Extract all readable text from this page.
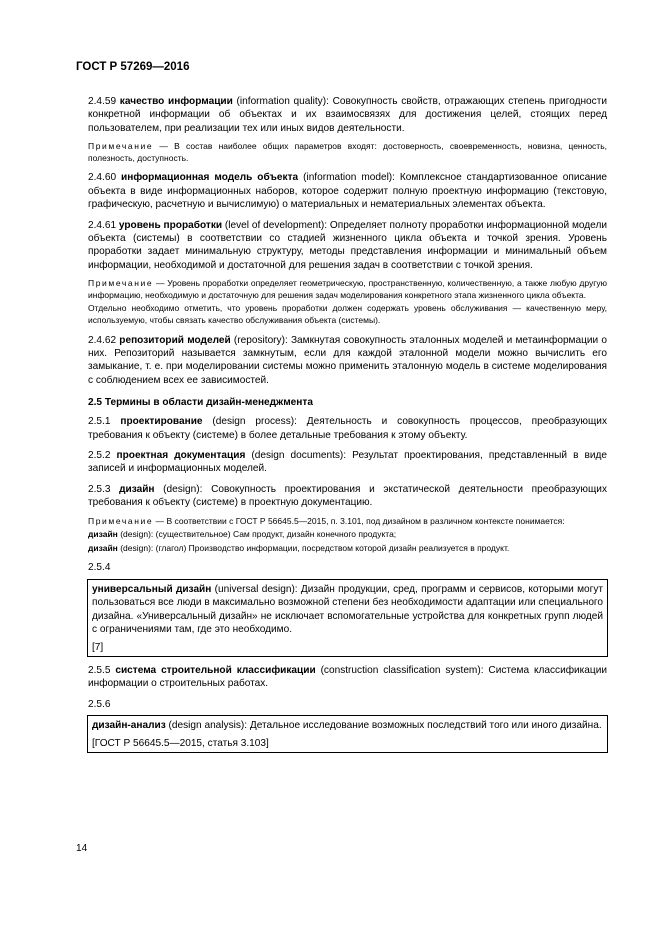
ГОСТ Р 57269—2016

2.4.59 качество информации (information quality): Совокупность свойств, отражающих степень пригодности конкретной информации об объектах и их взаимосвязях для достижения целей, стоящих перед пользователем, при реализации тех или иных видов деятельности.

Примечание — В состав наиболее общих параметров входят: достоверность, своевременность, новизна, ценность, полезность, доступность.

2.4.60 информационная модель объекта (information model): Комплексное стандартизованное описание объекта в виде информационных наборов, которое содержит полную проектную информацию (текстовую, графическую, расчетную и вычислимую) о материальных и нематериальных элементах объекта.

2.4.61 уровень проработки (level of development): Определяет полноту проработки информационной модели объекта (системы) в соответствии со стадией жизненного цикла объекта и точкой зрения. Уровень проработки задает минимальную структуру, методы представления информации и минимальный объем информации, необходимой и достаточной для решения задач в соответствии с точкой зрения.

Примечание — Уровень проработки определяет геометрическую, пространственную, количественную, а также любую другую информацию, необходимую и достаточную для решения задач моделирования конкретного этапа жизненного цикла объекта.

Отдельно необходимо отметить, что уровень проработки должен содержать уровень обслуживания — качественную меру, используемую, чтобы связать качество обслуживания объекта (системы).

2.4.62 репозиторий моделей (repository): Замкнутая совокупность эталонных моделей и метаинформации о них. Репозиторий называется замкнутым, если для каждой эталонной модели можно вычислить его замыкание, т. е. при моделировании системы можно применить эталонную модель в системе моделирования с соблюдением всех ее зависимостей.

2.5 Термины в области дизайн-менеджмента

2.5.1 проектирование (design process): Деятельность и совокупность процессов, преобразующих требования к объекту (системе) в более детальные требования к этому объекту.

2.5.2 проектная документация (design documents): Результат проектирования, представленный в виде записей и информационных моделей.

2.5.3 дизайн (design): Совокупность проектирования и экстатической деятельности преобразующих требования к объекту (системе) в проектную документацию.

Примечание — В соответствии с ГОСТ Р 56645.5—2015, п. 3.101, под дизайном в различном контексте понимается:

дизайн (design): (существительное) Сам продукт, дизайн конечного продукта;

дизайн (design): (глагол) Производство информации, посредством которой дизайн реализуется в продукт.

2.5.4

универсальный дизайн (universal design): Дизайн продукции, сред, программ и сервисов, которыми могут пользоваться все люди в максимально возможной степени без необходимости адаптации или специального дизайна. «Универсальный дизайн» не исключает вспомогательные устройства для конкретных групп людей с ограничениями там, где это необходимо.

[7]

2.5.5 система строительной классификации (construction classification system): Система классификации информации о строительных работах.

2.5.6

дизайн-анализ (design analysis): Детальное исследование возможных последствий того или иного дизайна.

[ГОСТ Р 56645.5—2015, статья 3.103]

14
